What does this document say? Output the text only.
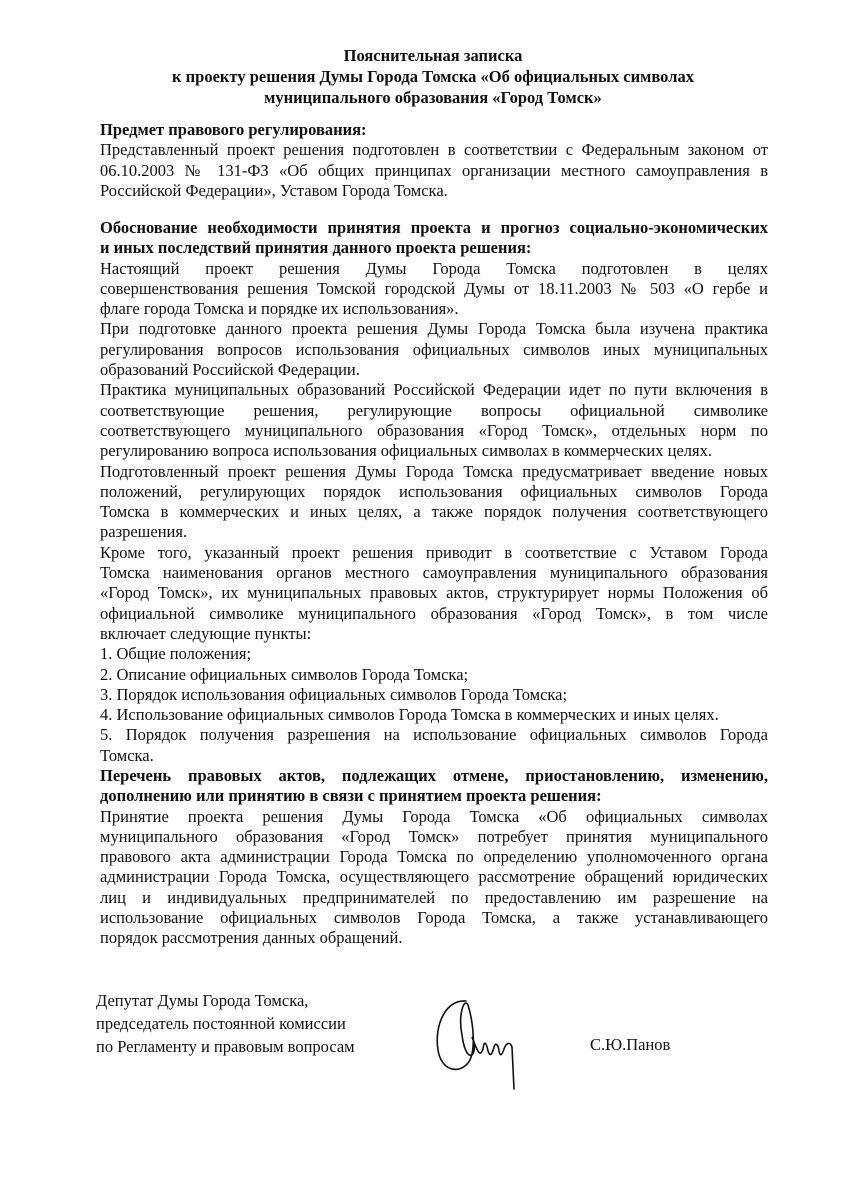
Пояснительная записка
к проекту решения Думы Города Томска «Об официальных символах
муниципального образования «Город Томск»
Предмет правового регулирования:
Представленный проект решения подготовлен в соответствии с Федеральным законом от
06.10.2003 № 131-ФЗ «Об общих принципах организации местного самоуправления в
Российской Федерации», Уставом Города Томска.
Обоснование необходимости принятия проекта и прогноз социально-экономических
и иных последствий принятия данного проекта решения:
Настоящий проект решения Думы Города Томска подготовлен в целях
совершенствования решения Томской городской Думы от 18.11.2003 № 503 «О гербе и
флаге города Томска и порядке их использования».
При подготовке данного проекта решения Думы Города Томска была изучена практика
регулирования вопросов использования официальных символов иных муниципальных
образований Российской Федерации.
Практика муниципальных образований Российской Федерации идет по пути включения в
соответствующие решения, регулирующие вопросы официальной символике
соответствующего муниципального образования «Город Томск», отдельных норм по
регулированию вопроса использования официальных символах в коммерческих целях.
Подготовленный проект решения Думы Города Томска предусматривает введение новых
положений, регулирующих порядок использования официальных символов Города
Томска в коммерческих и иных целях, а также порядок получения соответствующего
разрешения.
Кроме того, указанный проект решения приводит в соответствие с Уставом Города
Томска наименования органов местного самоуправления муниципального образования
«Город Томск», их муниципальных правовых актов, структурирует нормы Положения об
официальной символике муниципального образования «Город Томск», в том числе
включает следующие пункты:
1. Общие положения;
2. Описание официальных символов Города Томска;
3. Порядок использования официальных символов Города Томска;
4. Использование официальных символов Города Томска в коммерческих и иных целях.
5. Порядок получения разрешения на использование официальных символов Города
Томска.
Перечень правовых актов, подлежащих отмене, приостановлению, изменению,
дополнению или принятию в связи с принятием проекта решения:
Принятие проекта решения Думы Города Томска «Об официальных символах
муниципального образования «Город Томск» потребует принятия муниципального
правового акта администрации Города Томска по определению уполномоченного органа
администрации Города Томска, осуществляющего рассмотрение обращений юридических
лиц и индивидуальных предпринимателей по предоставлению им разрешение на
использование официальных символов Города Томска, а также устанавливающего
порядок рассмотрения данных обращений.
Депутат Думы Города Томска,
председатель постоянной комиссии
по Регламенту и правовым вопросам	С.Ю.Панов
